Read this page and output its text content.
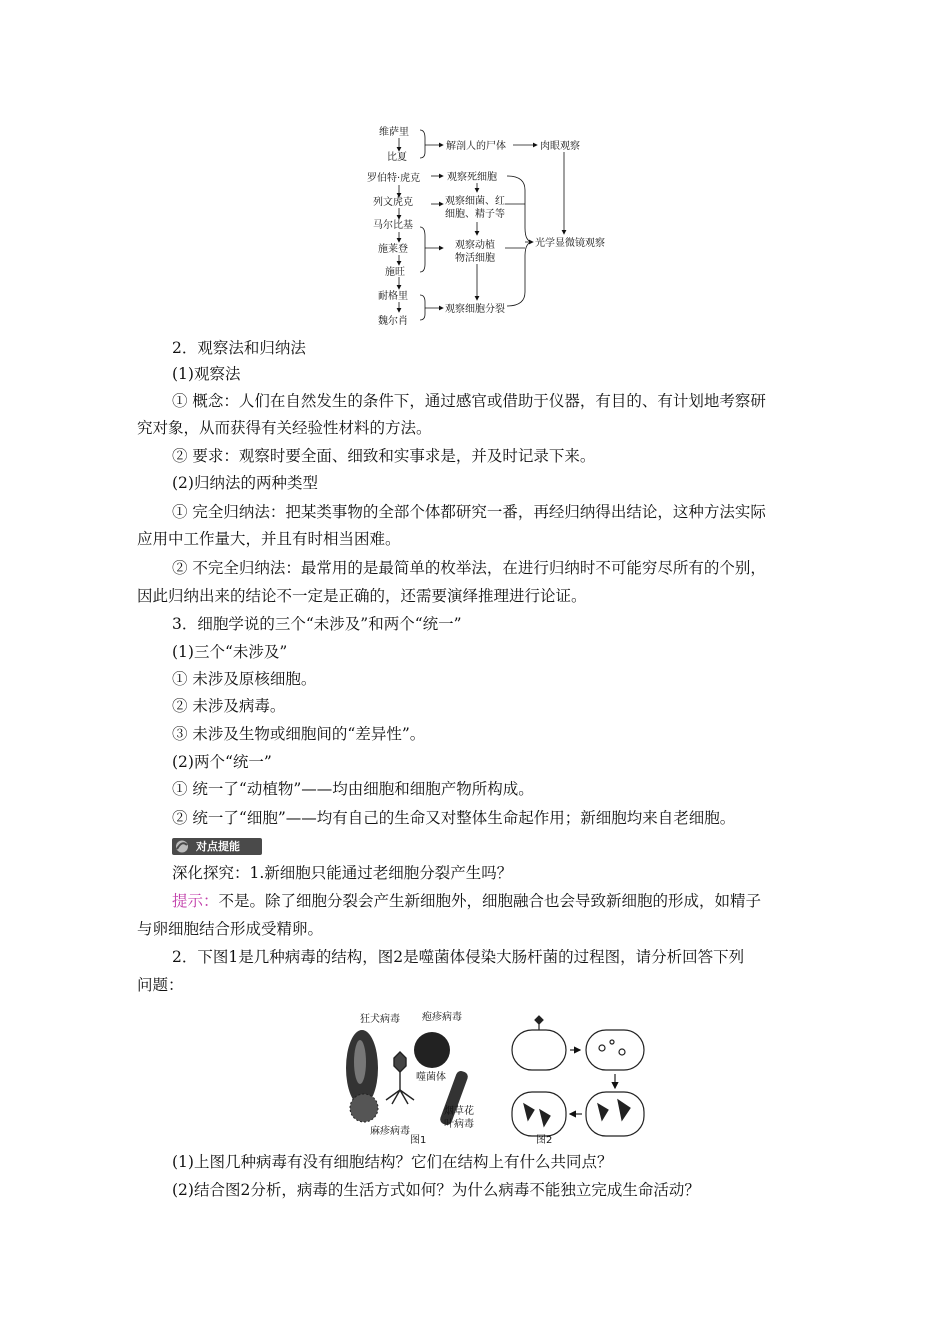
维萨里
比夏
罗伯特·虎克
列文虎克
马尔比基
施莱登
施旺
耐格里
魏尔肖
解剖人的尸体
观察死细胞
观察细菌、红
细胞、精子等
观察动植
物活细胞
观察细胞分裂
肉眼观察
光学显微镜观察
2．观察法和归纳法
(1)观察法
① 概念：人们在自然发生的条件下，通过感官或借助于仪器，有目的、有计划地考察研
究对象，从而获得有关经验性材料的方法。
② 要求：观察时要全面、细致和实事求是，并及时记录下来。
(2)归纳法的两种类型
① 完全归纳法：把某类事物的全部个体都研究一番，再经归纳得出结论，这种方法实际
应用中工作量大，并且有时相当困难。
② 不完全归纳法：最常用的是最简单的枚举法，在进行归纳时不可能穷尽所有的个别，
因此归纳出来的结论不一定是正确的，还需要演绎推理进行论证。
3．细胞学说的三个“未涉及”和两个“统一”
(1)三个“未涉及”
① 未涉及原核细胞。
② 未涉及病毒。
③ 未涉及生物或细胞间的“差异性”。
(2)两个“统一”
① 统一了“动植物”——均由细胞和细胞产物所构成。
② 统一了“细胞”——均有自己的生命又对整体生命起作用；新细胞均来自老细胞。
对点提能
深化探究：1.新细胞只能通过老细胞分裂产生吗？
提示：不是。除了细胞分裂会产生新细胞外，细胞融合也会导致新细胞的形成，如精子
与卵细胞结合形成受精卵。
2．下图1是几种病毒的结构，图2是噬菌体侵染大肠杆菌的过程图，请分析回答下列
问题：
狂犬病毒 疱疹病毒
噬菌体
麻疹病毒
烟草花
叶病毒
图1	图2
(1)上图几种病毒有没有细胞结构？它们在结构上有什么共同点？
(2)结合图2分析，病毒的生活方式如何？为什么病毒不能独立完成生命活动？
